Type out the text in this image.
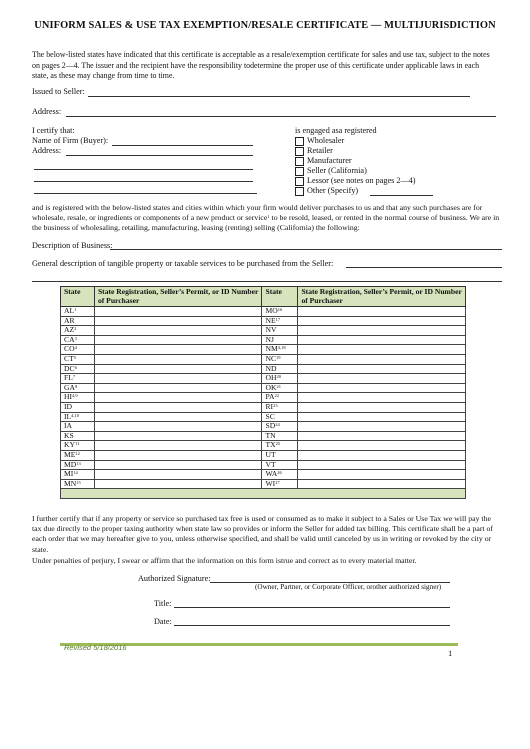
UNIFORM SALES & USE TAX EXEMPTION/RESALE CERTIFICATE — MULTIJURISDICTION
The below-listed states have indicated that this certificate is acceptable as a resale/exemption certificate for sales and use tax, subject to the notes on pages 2—4. The issuer and the recipient have the responsibility todetermine the proper use of this certificate under applicable laws in each state, as these may change from time to time.
Issued to Seller:
Address:
I certify that:
Name of Firm (Buyer):
Address:
is engaged asa registered
Wholesaler
Retailer
Manufacturer
Seller (California)
Lessor (see notes on pages 2—4)
Other (Specify)
and is registered with the below-listed states and cities within which your firm would deliver purchases to us and that any such purchases are for wholesale, resale, or ingredients or components of a new product or service$^1$ to be resold, leased, or rented in the normal course of business. We are in the business of wholesaling, retailing, manufacturing, leasing (renting) selling (California) the following:
Description of Business:
General description of tangible property or taxable services to be purchased from the Seller:
State	State Registration, Seller’s Permit, or ID Number of Purchaser	State	State Registration, Seller’s Permit, or ID Number of Purchaser
$AL^1$		MO$^{16}$	
AR		NE$^{17}$	
$AZ^2$		NV	
$CA^3$		NJ	
$CO^4$		NM$^{4,18}$	
$CT^5$		NC$^{19}$	
$DC^6$		ND	
$FL^7$		OH$^{20}$	
$GA^8$		OK$^{21}$	
HI$^{4,9}$		PA$^{22}$	
ID		RI$^{23}$	
IL$^{4,10}$		SC	
IA		SD$^{24}$	
KS		TN	
KY$^{11}$		TX$^{25}$	
ME$^{12}$		UT	
MD$^{13}$		VT	
MI$^{14}$		WA$^{26}$	
MN$^{15}$		WI$^{27}$	

I further certify that if any property or service so purchased tax free is used or consumed as to make it subject to a Sales or Use Tax we will pay the tax due directly to the proper taxing authority when state law so provides or inform the Seller for added tax billing. This certificate shall be a part of each order that we may hereafter give to you, unless otherwise specified, and shall be valid until canceled by us in writing or revoked by the city or state.
Under penalties of perjury, I swear or affirm that the information on this form istrue and correct as to every material matter.
Authorized Signature:
(Owner, Partner, or Corporate Officer, orother authorized signer)
Title:
Date:
Revised 5/18/2016
1
